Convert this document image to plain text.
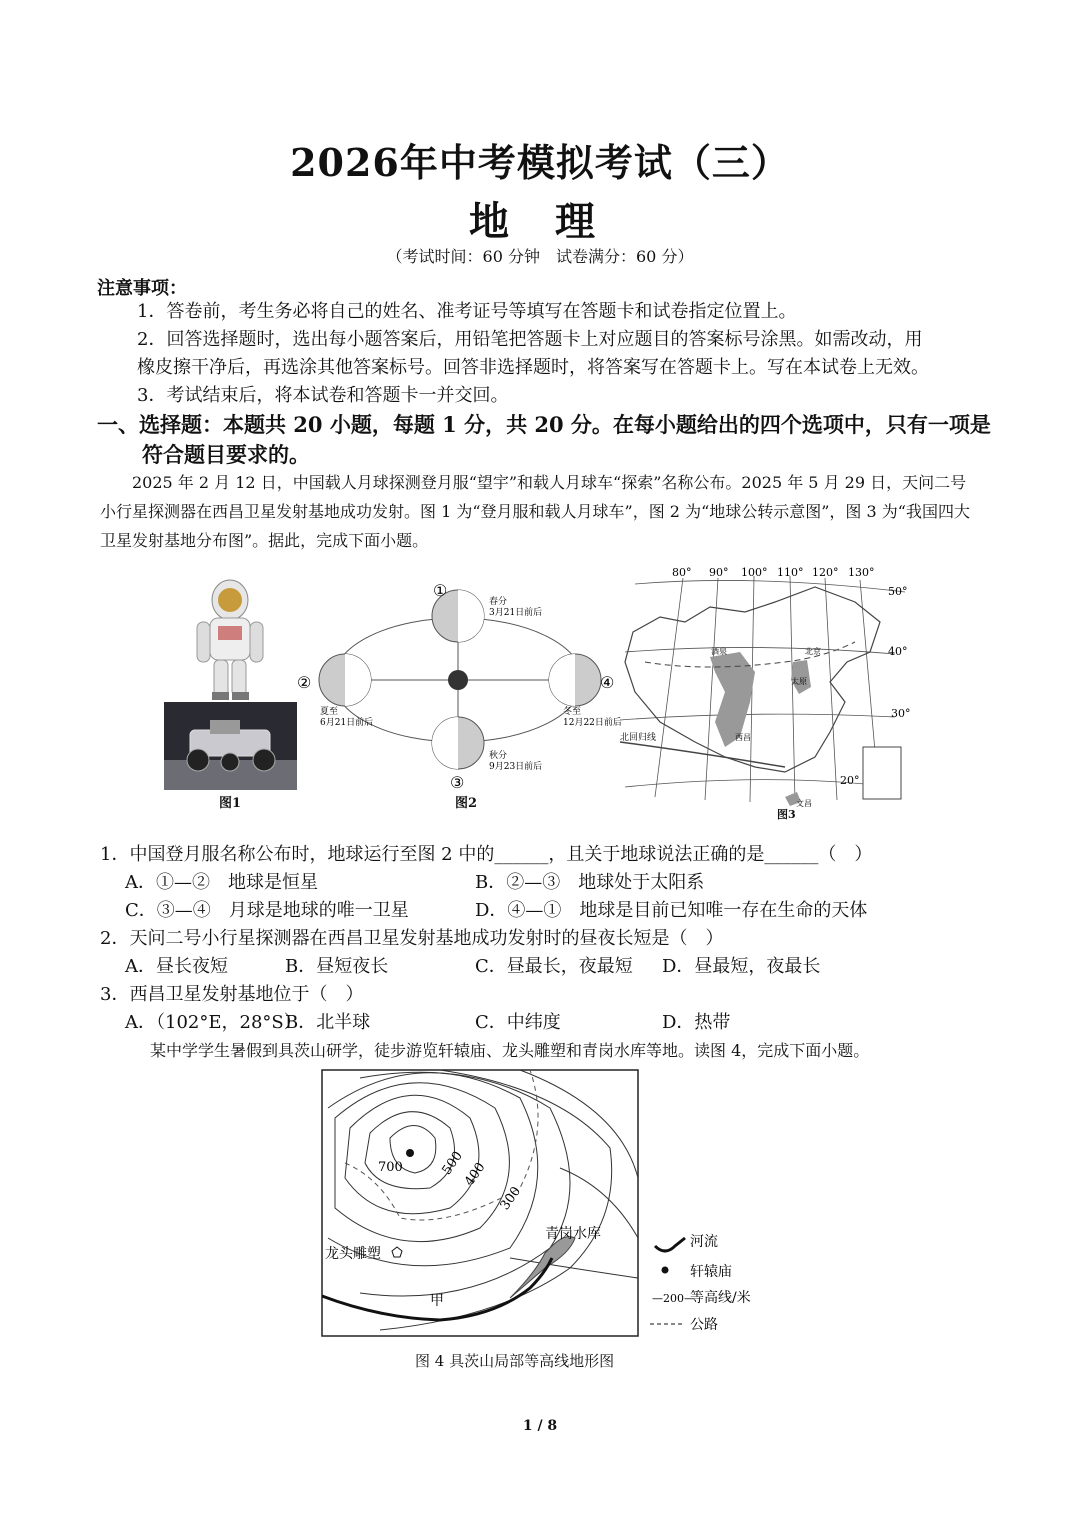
2026年中考模拟考试（三）
地 理
（考试时间：60 分钟　试卷满分：60 分）
注意事项：
1．答卷前，考生务必将自己的姓名、准考证号等填写在答题卡和试卷指定位置上。
2．回答选择题时，选出每小题答案后，用铅笔把答题卡上对应题目的答案标号涂黑。如需改动，用
橡皮擦干净后，再选涂其他答案标号。回答非选择题时，将答案写在答题卡上。写在本试卷上无效。
3．考试结束后，将本试卷和答题卡一并交回。
一、选择题：本题共 20 小题，每题 1 分，共 20 分。在每小题给出的四个选项中，只有一项是
符合题目要求的。
2025 年 2 月 12 日，中国载人月球探测登月服“望宇”和载人月球车“探索”名称公布。2025 年 5 月 29 日，天问二号小行星探测器在西昌卫星发射基地成功发射。图 1 为“登月服和载人月球车”，图 2 为“地球公转示意图”，图 3 为“我国四大卫星发射基地分布图”。据此，完成下面小题。
图1
①
②
③
④
春分
3月21日前后
夏至
6月21日前后
秋分
9月23日前后
冬至
12月22日前后
图2
80° 90° 100° 110° 120° 130°
50°
40°
30°
20°
北回归线
酒泉
太原
北京
西昌
文昌
图3
1．中国登月服名称公布时，地球运行至图 2 中的______，且关于地球说法正确的是______（　）
A．①—②　地球是恒星	B．②—③　地球处于太阳系
C．③—④　月球是地球的唯一卫星	D．④—①　地球是目前已知唯一存在生命的天体
2．天问二号小行星探测器在西昌卫星发射基地成功发射时的昼夜长短是（　）
A．昼长夜短	B．昼短夜长	C．昼最长，夜最短 D．昼最短，夜最长
3．西昌卫星发射基地位于（　）
A．（102°E，28°S）
B．北半球	C．中纬度	D．热带
某中学学生暑假到具茨山研学，徒步游览轩辕庙、龙头雕塑和青岗水库等地。读图 4，完成下面小题。
700	500
400
300
青岗水库
龙头雕塑
甲
河流
轩辕庙
—200—
等高线/米
公路
图 4 具茨山局部等高线地形图
1 / 8
